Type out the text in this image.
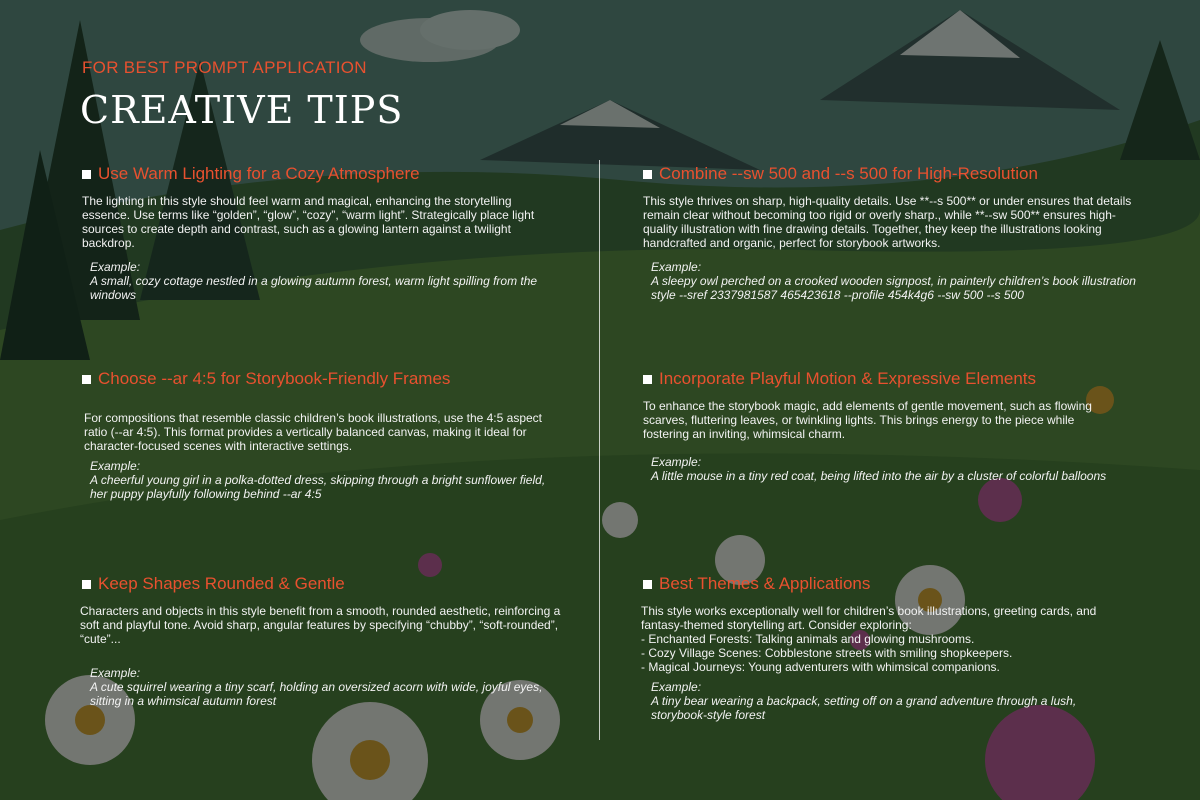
FOR BEST PROMPT APPLICATION
CREATIVE TIPS
Use Warm Lighting for a Cozy Atmosphere

The lighting in this style should feel warm and magical, enhancing the storytelling essence. Use terms like “golden”, “glow”, “cozy”, “warm light”. Strategically place light sources to create depth and contrast, such as a glowing lantern against a twilight backdrop.

Example:
A small, cozy cottage nestled in a glowing autumn forest, warm light spilling from the windows
Combine --sw 500 and --s 500 for High-Resolution

This style thrives on sharp, high-quality details. Use **--s 500** or under ensures that details remain clear without becoming too rigid or overly sharp., while **--sw 500** ensures high-quality illustration with fine drawing details. Together, they keep the illustrations looking handcrafted and organic, perfect for storybook artworks.

Example:
A sleepy owl perched on a crooked wooden signpost, in painterly children’s book illustration style --sref 2337981587 465423618 --profile 454k4g6 --sw 500 --s 500
Choose --ar 4:5 for Storybook-Friendly Frames

For compositions that resemble classic children’s book illustrations, use the 4:5 aspect ratio (--ar 4:5). This format provides a vertically balanced canvas, making it ideal for character-focused scenes with interactive settings.

Example:
A cheerful young girl in a polka-dotted dress, skipping through a bright sunflower field, her puppy playfully following behind --ar 4:5
Incorporate Playful Motion & Expressive Elements

To enhance the storybook magic, add elements of gentle movement, such as flowing scarves, fluttering leaves, or twinkling lights. This brings energy to the piece while fostering an inviting, whimsical charm.

Example:
A little mouse in a tiny red coat, being lifted into the air by a cluster of colorful balloons
Keep Shapes Rounded & Gentle

Characters and objects in this style benefit from a smooth, rounded aesthetic, reinforcing a soft and playful tone. Avoid sharp, angular features by specifying “chubby”, “soft-rounded”, “cute”...

Example:
A cute squirrel wearing a tiny scarf, holding an oversized acorn with wide, joyful eyes, sitting in a whimsical autumn forest
Best Themes & Applications

This style works exceptionally well for children’s book illustrations, greeting cards, and fantasy-themed storytelling art. Consider exploring:

- Enchanted Forests: Talking animals and glowing mushrooms.
- Cozy Village Scenes: Cobblestone streets with smiling shopkeepers.
- Magical Journeys: Young adventurers with whimsical companions.
Example:
A tiny bear wearing a backpack, setting off on a grand adventure through a lush, storybook-style forest
